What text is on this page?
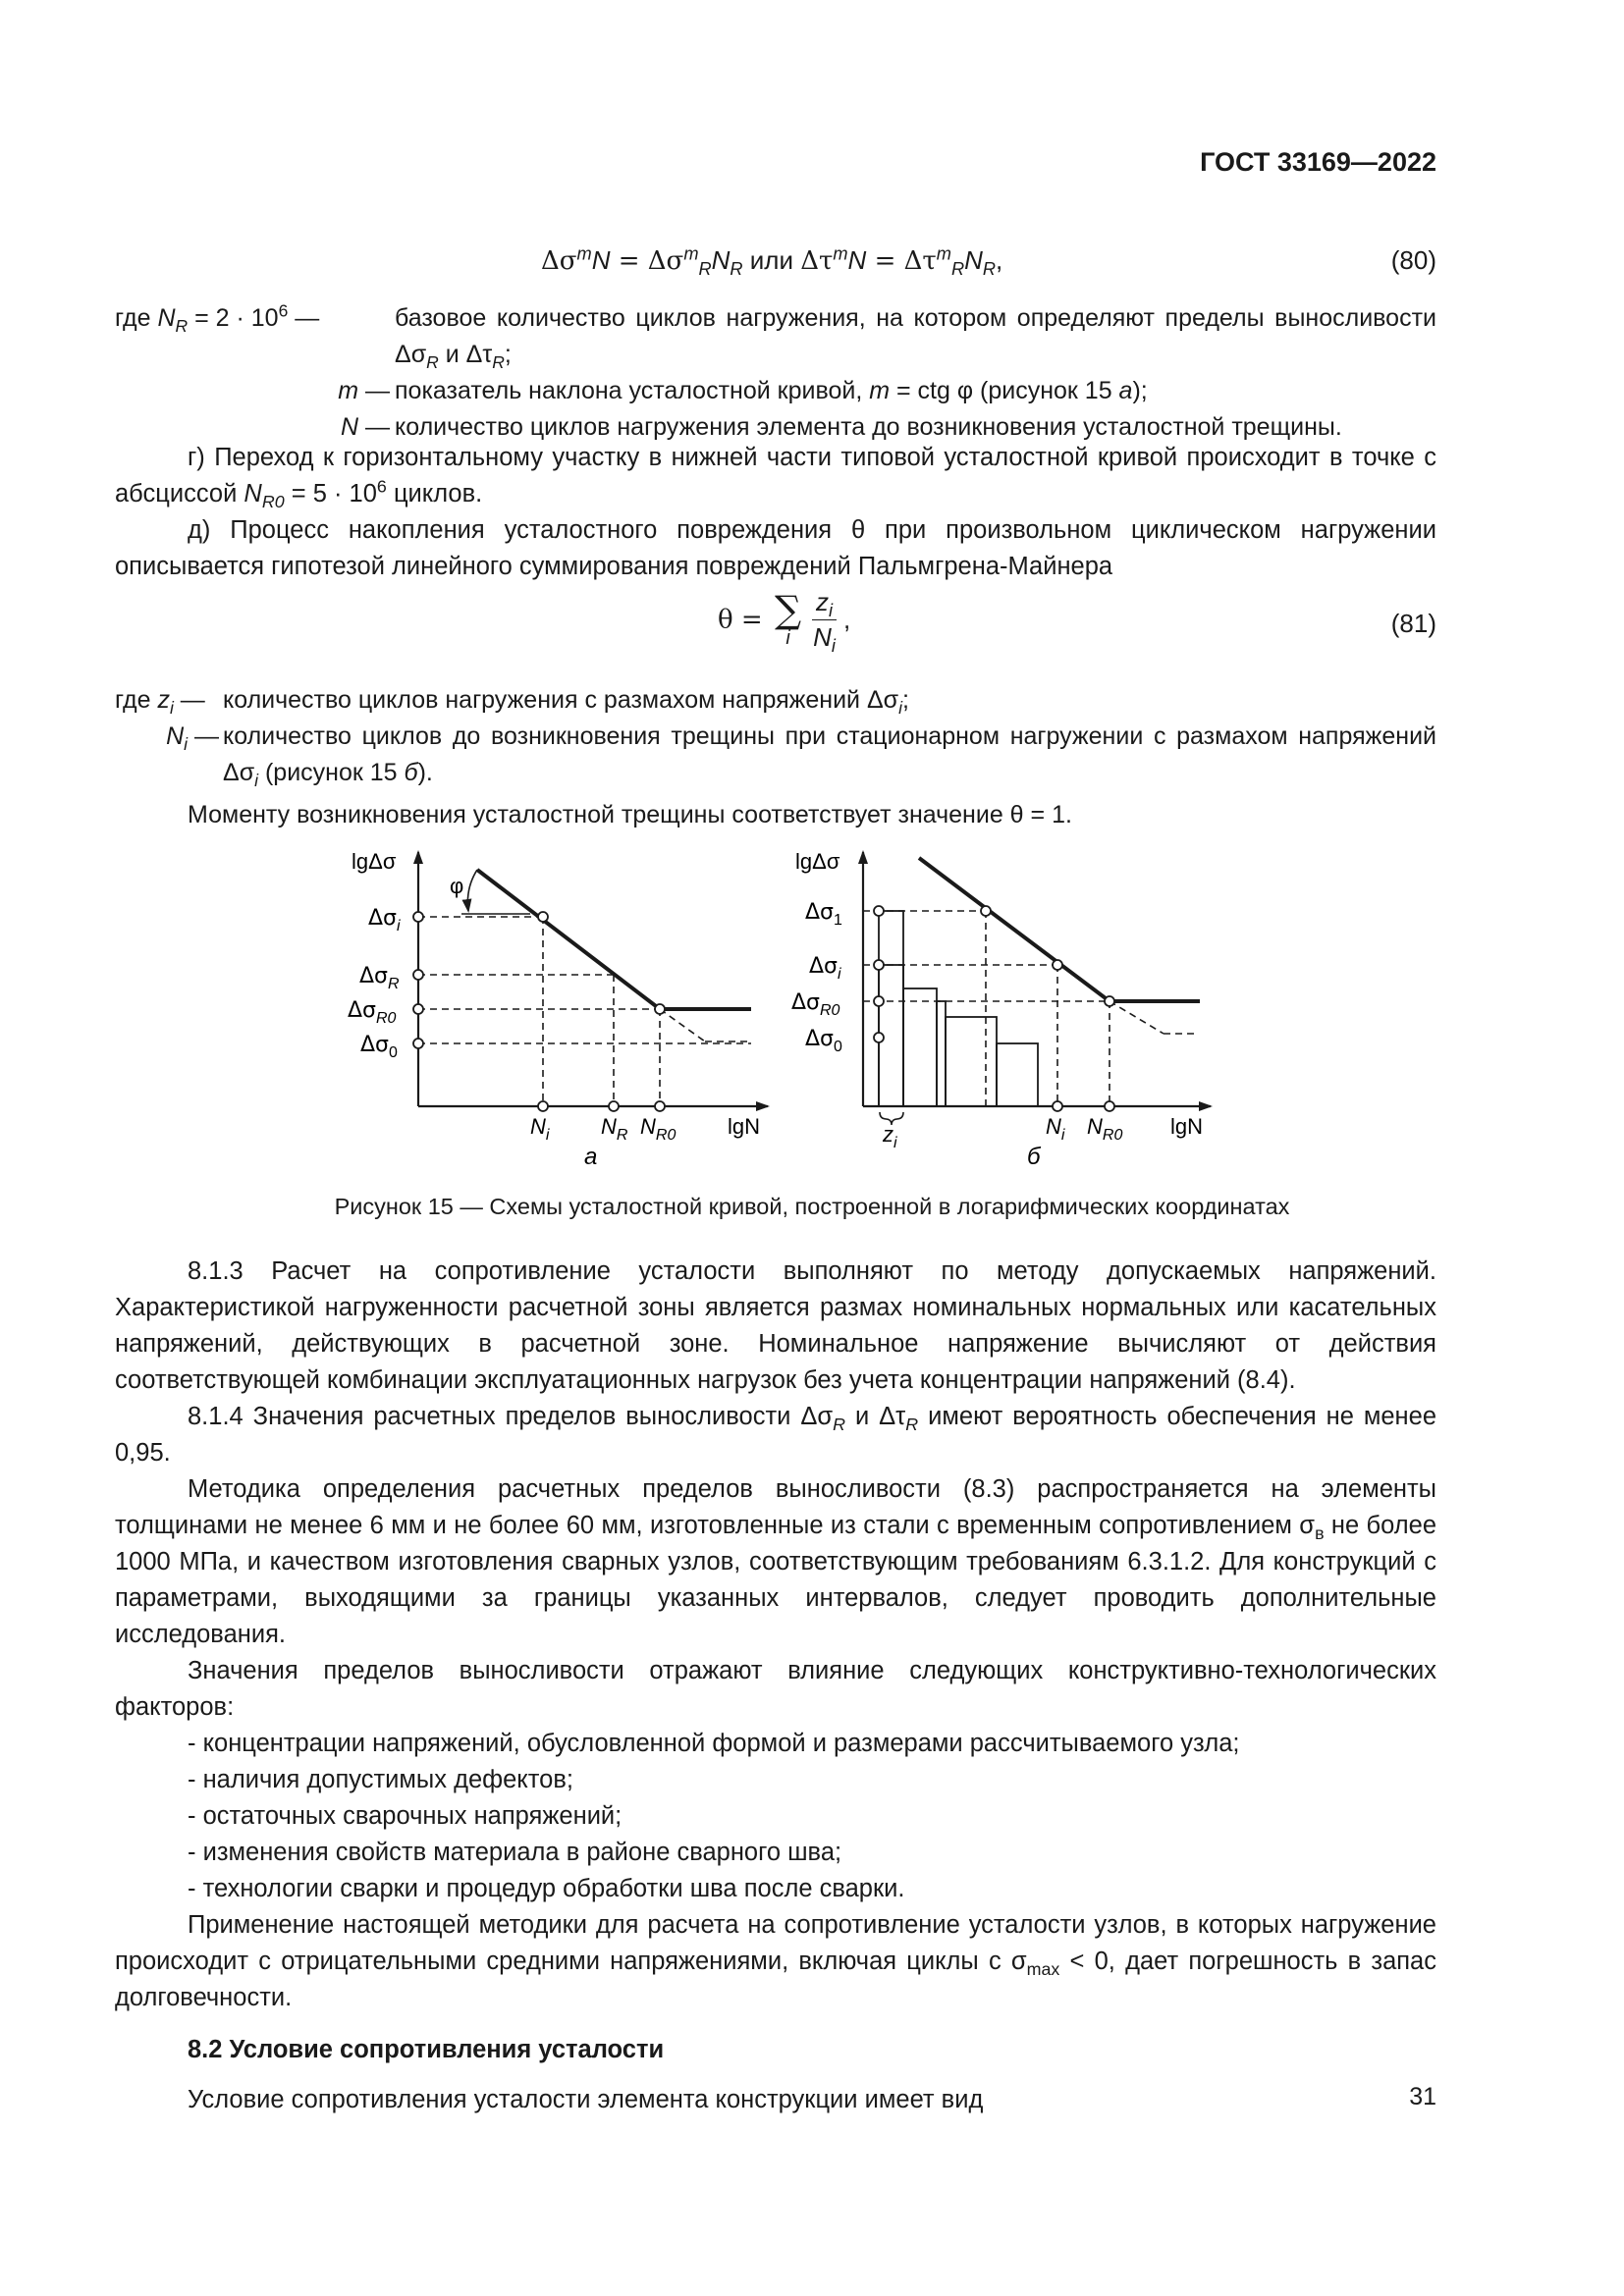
ГОСТ 33169—2022
$\Delta\sigma^mN = \Delta\sigma^m_RN_R$ или $\Delta\tau^mN = \Delta\tau^m_RN_R$,	(80)
где $N_R = 2 \cdot 10^6$ —	базовое количество циклов нагружения, на котором определяют пределы выносливости $\Delta\sigma_R$ и $\Delta\tau_R$;
m — показатель наклона усталостной кривой, m = ctg φ (рисунок 15 а);
N — количество циклов нагружения элемента до возникновения усталостной трещины.

г) Переход к горизонтальному участку в нижней части типовой усталостной кривой происходит в точке с абсциссой $N_{R0} = 5 \cdot 10^6$ циклов.

д) Процесс накопления усталостного повреждения θ при произвольном циклическом нагружении описывается гипотезой линейного суммирования повреждений Пальмгрена-Майнера

θ = ∑
i $\frac{z_i}{N_i}$ ,	(81)
где $z_i$ — количество циклов нагружения с размахом напряжений $\Delta\sigma_i$;
$N_i$ — количество циклов до возникновения трещины при стационарном нагружении с размахом напряжений $\Delta\sigma_i$ (рисунок 15 б).

Моменту возникновения усталостной трещины соответствует значение θ = 1.

lgΔσ
lgN
φ
$\Delta\sigma_i$
$\Delta\sigma_R$
$\Delta\sigma_{R0}$
$\Delta\sigma_0$
$N_i$ $N_R$ $N_{R0}$
а
lgΔσ
lgN
$\Delta\sigma_1$
$\Delta\sigma_i$
$\Delta\sigma_{R0}$
$\Delta\sigma_0$
$z_i$
$N_i$ $N_{R0}$
б
Рисунок 15 — Схемы усталостной кривой, построенной в логарифмических координатах

8.1.3 Расчет на сопротивление усталости выполняют по методу допускаемых напряжений. Характеристикой нагруженности расчетной зоны является размах номинальных нормальных или касательных напряжений, действующих в расчетной зоне. Номинальное напряжение вычисляют от действия соответствующей комбинации эксплуатационных нагрузок без учета концентрации напряжений (8.4).

8.1.4 Значения расчетных пределов выносливости $\Delta\sigma_R$ и $\Delta\tau_R$ имеют вероятность обеспечения не менее 0,95.

Методика определения расчетных пределов выносливости (8.3) распространяется на элементы толщинами не менее 6 мм и не более 60 мм, изготовленные из стали с временным сопротивлением $\sigma_в$ не более 1000 МПа, и качеством изготовления сварных узлов, соответствующим требованиям 6.3.1.2. Для конструкций с параметрами, выходящими за границы указанных интервалов, следует проводить дополнительные исследования.

Значения пределов выносливости отражают влияние следующих конструктивно-технологических факторов:

- концентрации напряжений, обусловленной формой и размерами рассчитываемого узла;

- наличия допустимых дефектов;

- остаточных сварочных напряжений;

- изменения свойств материала в районе сварного шва;

- технологии сварки и процедур обработки шва после сварки.

Применение настоящей методики для расчета на сопротивление усталости узлов, в которых нагружение происходит с отрицательными средними напряжениями, включая циклы с $\sigma_{max} < 0$, дает погрешность в запас долговечности.

8.2 Условие сопротивления усталости

Условие сопротивления усталости элемента конструкции имеет вид	31
